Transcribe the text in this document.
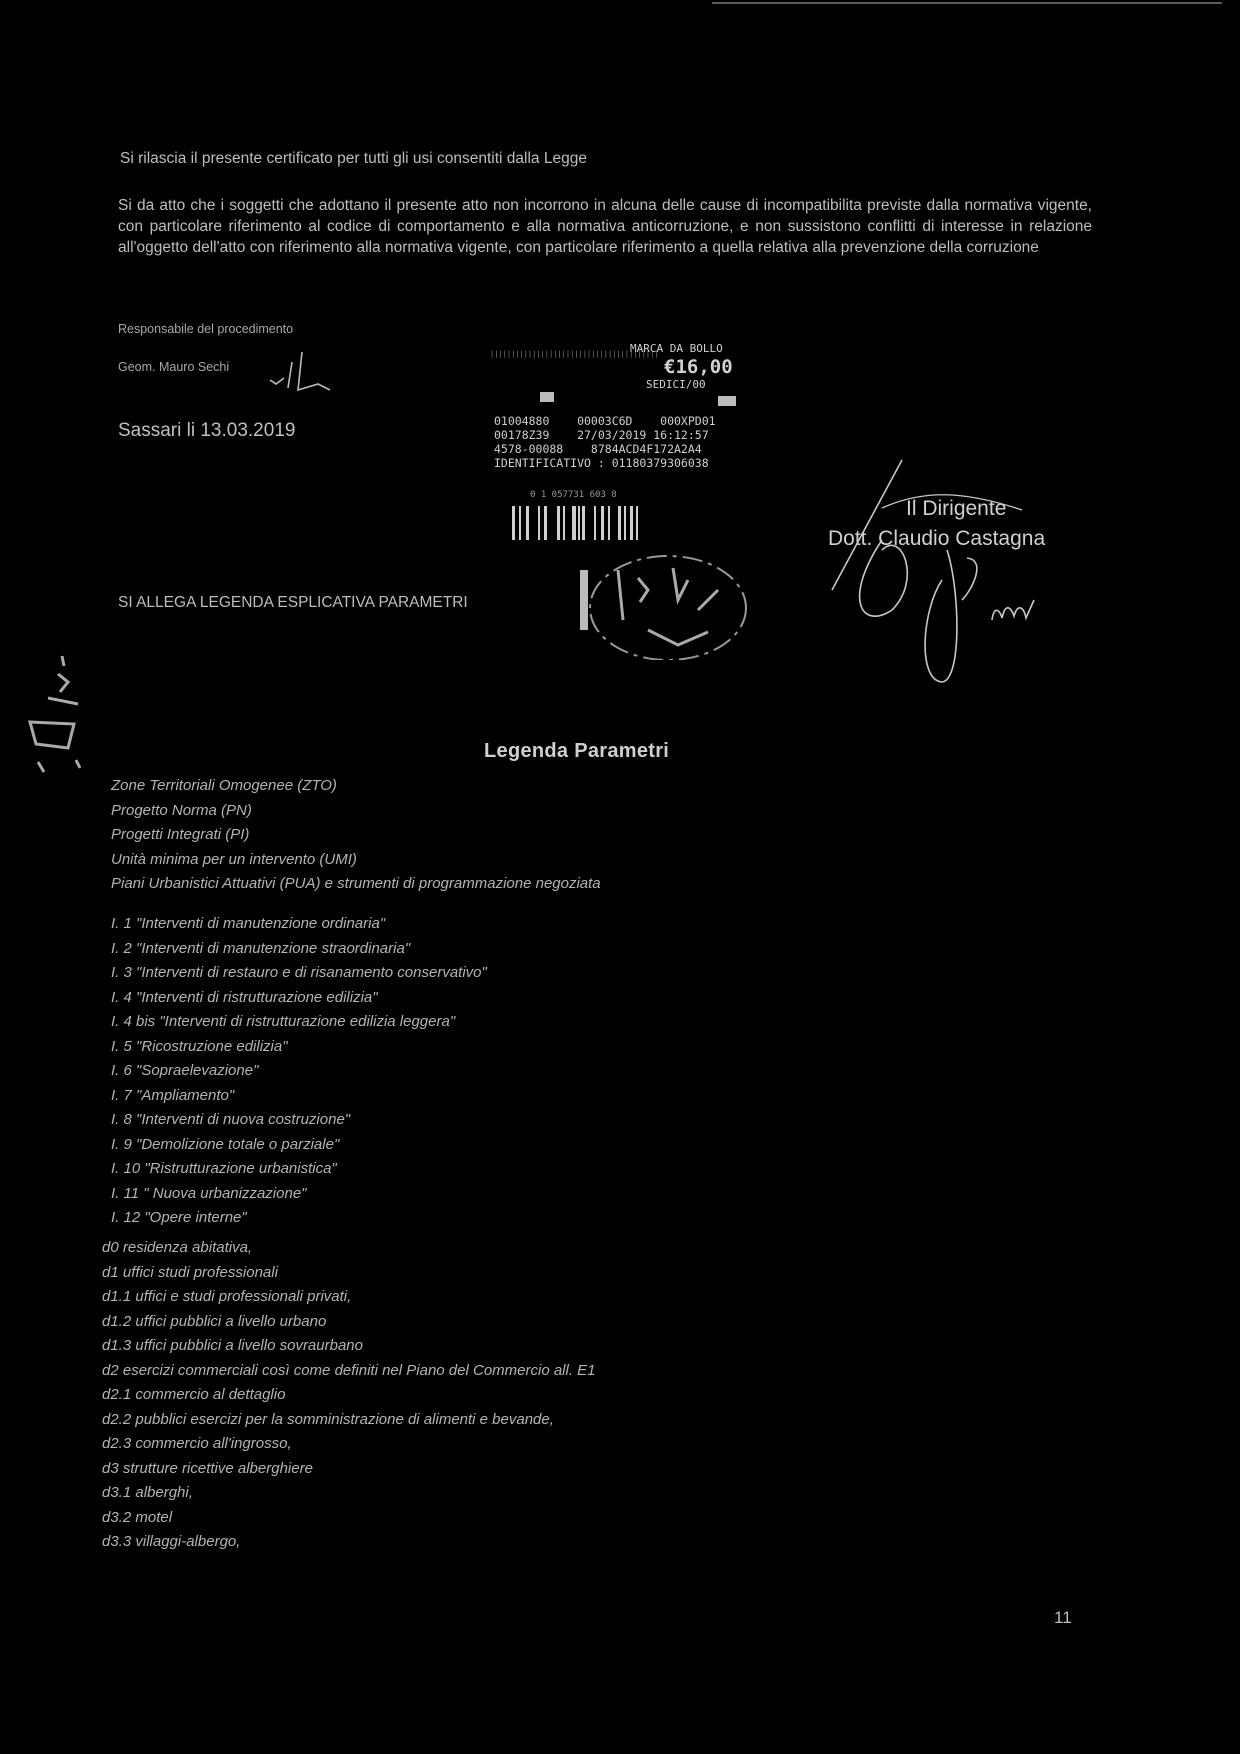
Si rilascia il presente certificato per tutti gli usi consentiti dalla Legge
Si da atto che i soggetti che adottano il presente atto non incorrono in alcuna delle cause di incompatibilita previste dalla normativa vigente, con particolare riferimento al codice di comportamento e alla normativa anticorruzione, e non sussistono conflitti di interesse in relazione all'oggetto dell'atto con riferimento alla normativa vigente, con particolare riferimento a quella relativa alla prevenzione della corruzione
Responsabile del procedimento
Geom. Mauro Sechi
Sassari li 13.03.2019
||||||||||||||||||||||||||||||||||||||||
MARCA DA BOLLO
€16,00
SEDICI/00
01004880    00003C6D    000XPD01
00178Z39    27/03/2019 16:12:57
4578-00088    8784ACD4F172A2A4
IDENTIFICATIVO : 01180379306038
0 1 057731 603 8
SI ALLEGA LEGENDA ESPLICATIVA PARAMETRI
Il Dirigente
Dott. Claudio Castagna
Legenda Parametri
Zone Territoriali Omogenee (ZTO)
Progetto Norma (PN)
Progetti Integrati (PI)
Unità minima per un intervento (UMI)
Piani Urbanistici Attuativi (PUA) e strumenti di programmazione negoziata
I. 1 "Interventi di manutenzione ordinaria"
I. 2 "Interventi di manutenzione straordinaria"
I. 3 "Interventi di restauro e di risanamento conservativo"
I. 4 "Interventi di ristrutturazione edilizia"
I. 4 bis "Interventi di ristrutturazione edilizia leggera"
I. 5 "Ricostruzione edilizia"
I. 6 "Sopraelevazione"
I. 7 "Ampliamento"
I. 8 "Interventi di nuova costruzione"
I. 9 "Demolizione totale o parziale"
I. 10 "Ristrutturazione urbanistica"
I. 11 " Nuova urbanizzazione"
I. 12 "Opere interne"
d0 residenza abitativa,
d1 uffici studi professionali
d1.1 uffici e studi professionali privati,
d1.2 uffici pubblici a livello urbano
d1.3 uffici pubblici a livello sovraurbano
d2 esercizi commerciali così come definiti nel Piano del Commercio all. E1
d2.1 commercio al dettaglio
d2.2 pubblici esercizi per la somministrazione di alimenti e bevande,
d2.3 commercio all'ingrosso,
d3 strutture ricettive alberghiere
d3.1 alberghi,
d3.2 motel
d3.3 villaggi-albergo,
11
